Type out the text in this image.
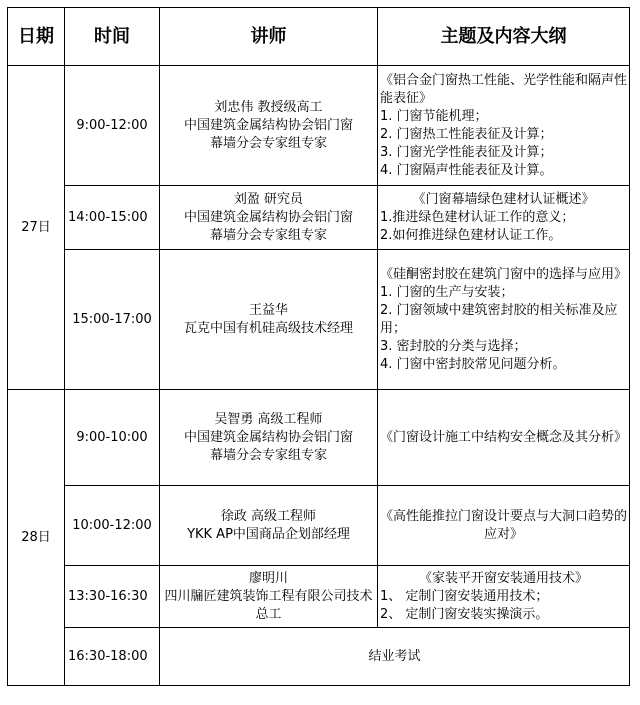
日期	时间	讲师	主题及内容大纲
27日	9:00-12:00	刘忠伟 教授级高工
中国建筑金属结构协会铝门窗
幕墙分会专家组专家	《铝合金门窗热工性能、光学性能和隔声性能表征》
1. 门窗节能机理；
2. 门窗热工性能表征及计算；
3. 门窗光学性能表征及计算；
4. 门窗隔声性能表征及计算。

	14:00-15:00	刘盈 研究员
中国建筑金属结构协会铝门窗
幕墙分会专家组专家	《门窗幕墙绿色建材认证概述》
1.推进绿色建材认证工作的意义；
2.如何推进绿色建材认证工作。

	15:00-17:00	王益华
瓦克中国有机硅高级技术经理	《硅酮密封胶在建筑门窗中的选择与应用》
1. 门窗的生产与安装；
2. 门窗领域中建筑密封胶的相关标准及应用；
3. 密封胶的分类与选择；
4. 门窗中密封胶常见问题分析。

28日	9:00-10:00	吴智勇 高级工程师
中国建筑金属结构协会铝门窗
幕墙分会专家组专家	《门窗设计施工中结构安全概念及其分析》

	10:00-12:00	徐政 高级工程师
YKK AP中国商品企划部经理	《高性能推拉门窗设计要点与大洞口趋势的应对》

	13:30-16:30	廖明川
四川牖匠建筑装饰工程有限公司技术总工	《家装平开窗安装通用技术》
1、 定制门窗安装通用技术；
2、 定制门窗安装实操演示。

	16:30-18:00	结业考试	
